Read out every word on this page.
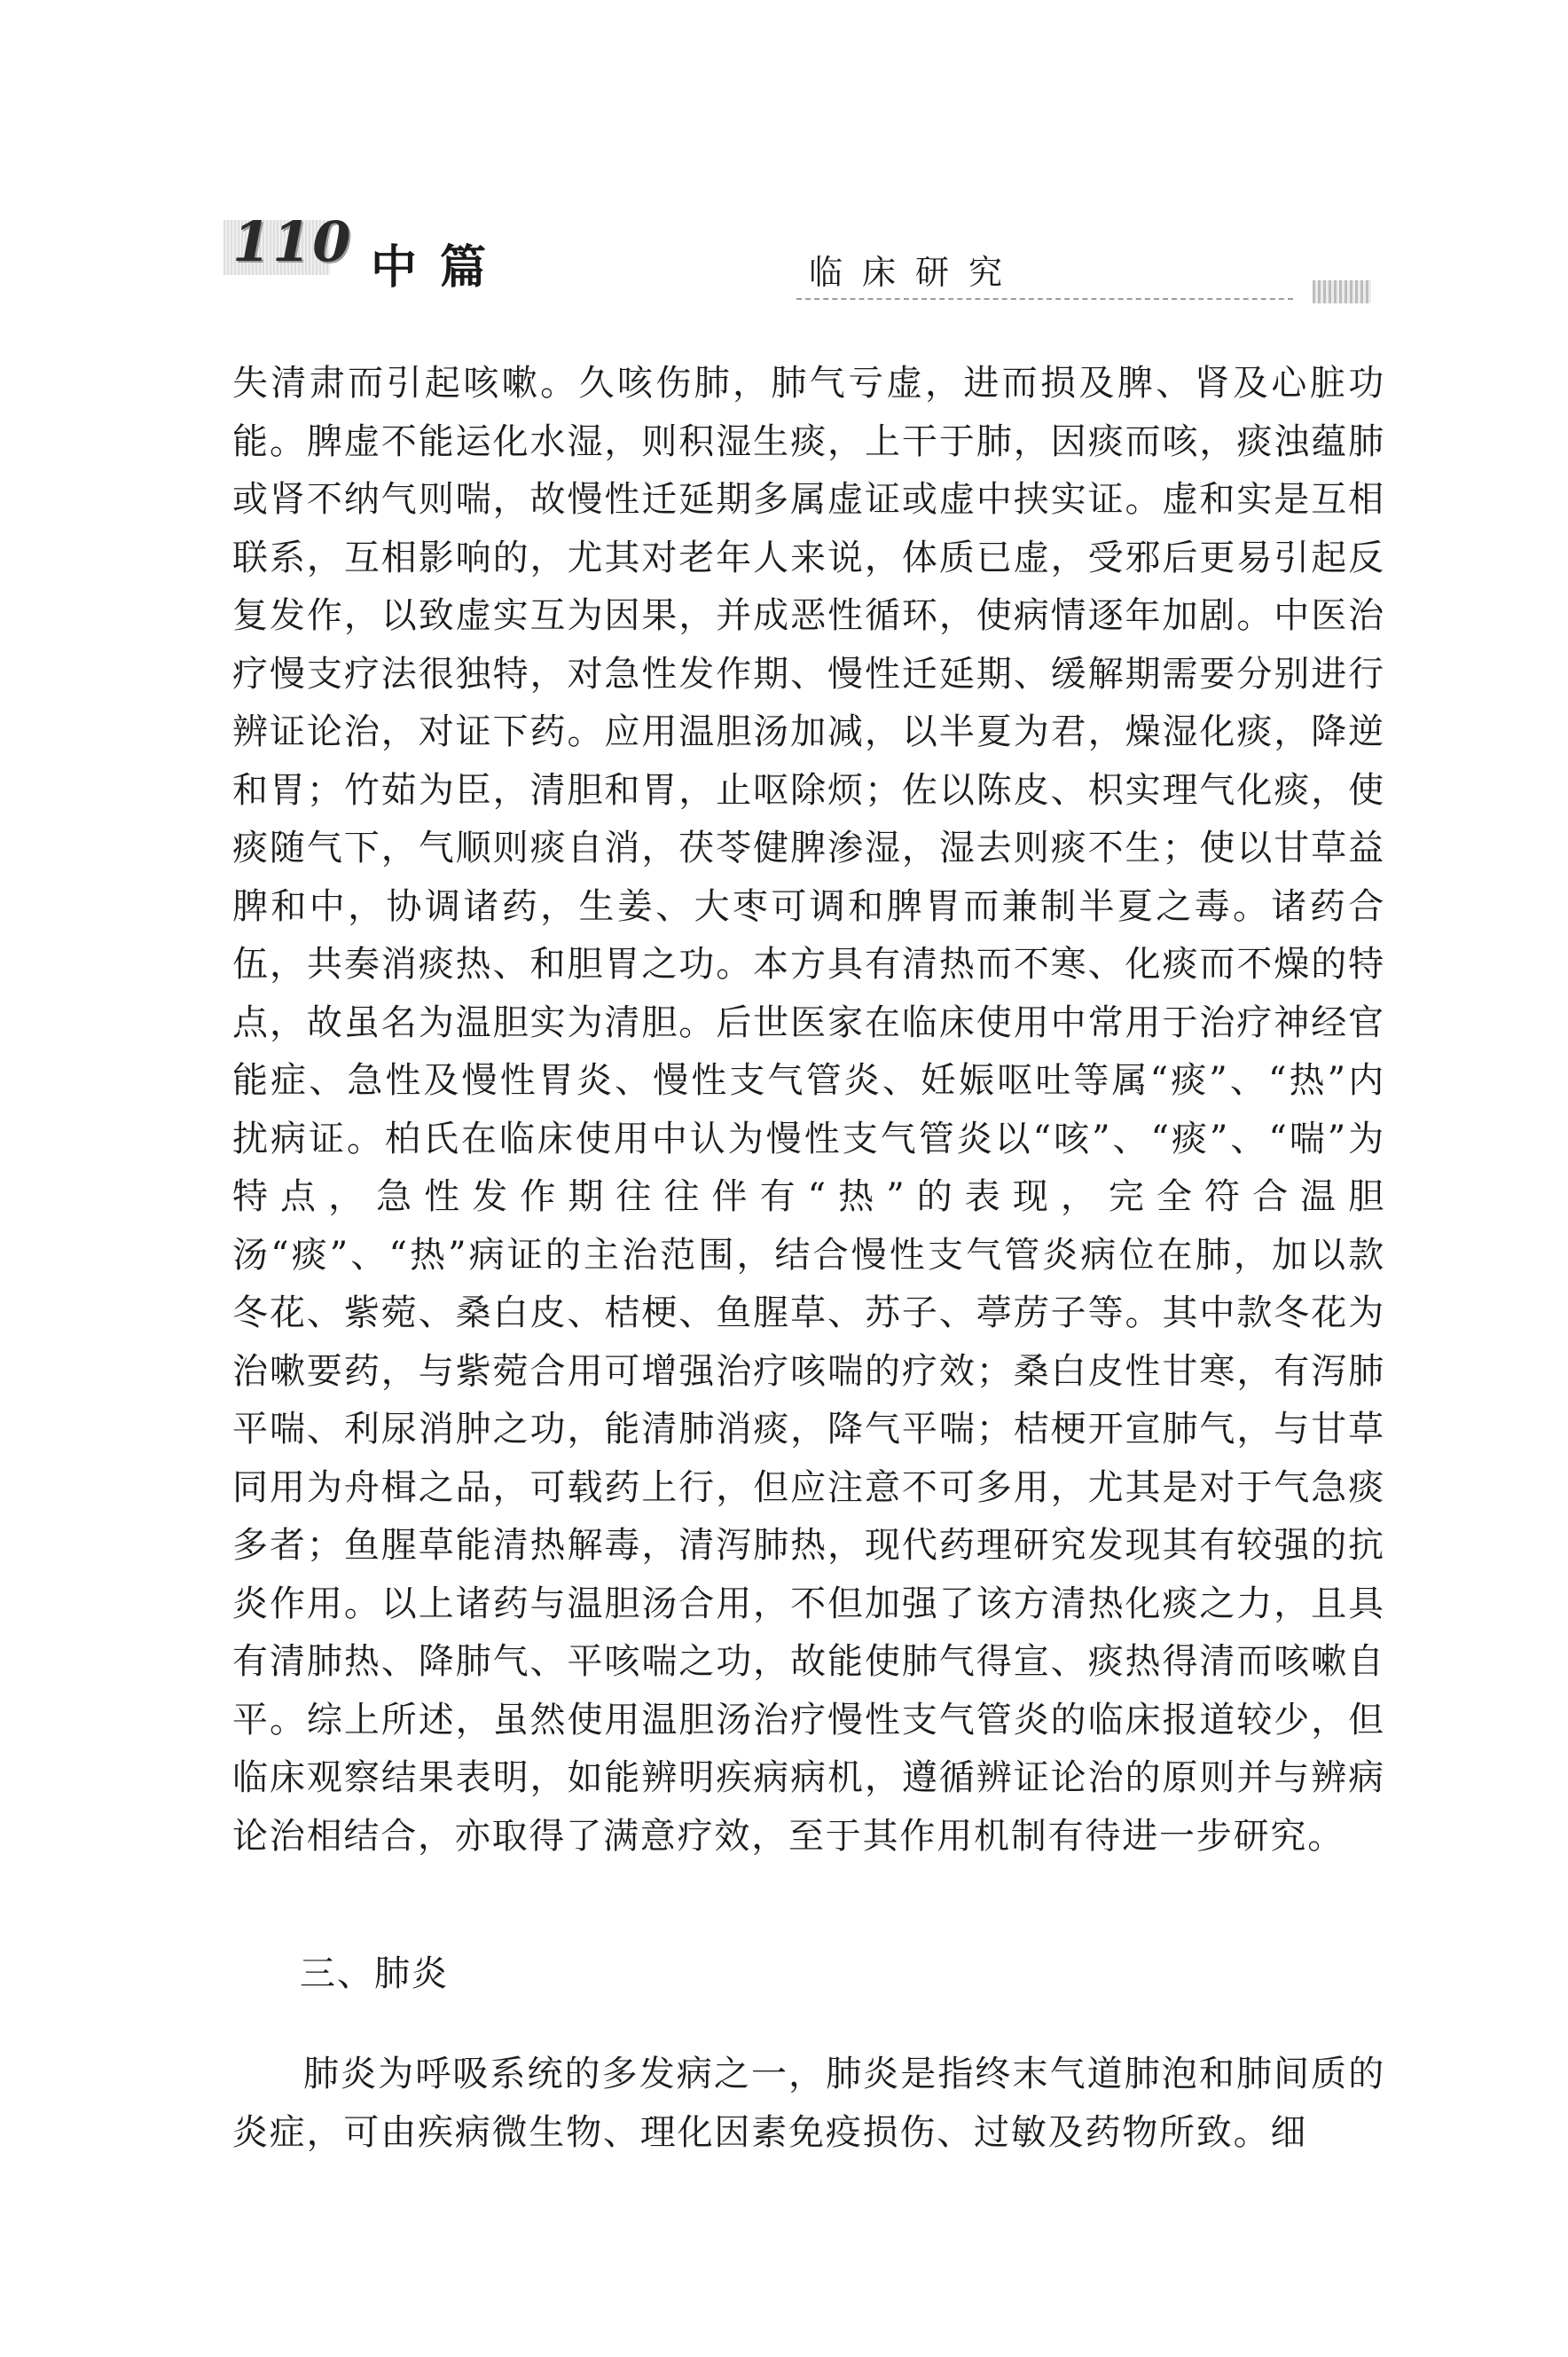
110 中篇	临床研究

失清肃而引起咳嗽。久咳伤肺，肺气亏虚，进而损及脾、肾及心脏功能。脾虚不能运化水湿，则积湿生痰，上干于肺，因痰而咳，痰浊蕴肺或肾不纳气则喘，故慢性迁延期多属虚证或虚中挟实证。虚和实是互相联系，互相影响的，尤其对老年人来说，体质已虚，受邪后更易引起反复发作，以致虚实互为因果，并成恶性循环，使病情逐年加剧。中医治疗慢支疗法很独特，对急性发作期、慢性迁延期、缓解期需要分别进行辨证论治，对证下药。应用温胆汤加减，以半夏为君，燥湿化痰，降逆和胃；竹茹为臣，清胆和胃，止呕除烦；佐以陈皮、枳实理气化痰，使痰随气下，气顺则痰自消，茯苓健脾渗湿，湿去则痰不生；使以甘草益脾和中，协调诸药，生姜、大枣可调和脾胃而兼制半夏之毒。诸药合伍，共奏消痰热、和胆胃之功。本方具有清热而不寒、化痰而不燥的特点，故虽名为温胆实为清胆。后世医家在临床使用中常用于治疗神经官能症、急性及慢性胃炎、慢性支气管炎、妊娠呕吐等属“痰”、“热”内扰病证。柏氏在临床使用中认为慢性支气管炎以“咳”、“痰”、“喘”为特点，急性发作期往往伴有“热”的表现，完全符合温胆汤“痰”、“热”病证的主治范围，结合慢性支气管炎病位在肺，加以款冬花、紫菀、桑白皮、桔梗、鱼腥草、苏子、葶苈子等。其中款冬花为治嗽要药，与紫菀合用可增强治疗咳喘的疗效；桑白皮性甘寒，有泻肺平喘、利尿消肿之功，能清肺消痰，降气平喘；桔梗开宣肺气，与甘草同用为舟楫之品，可载药上行，但应注意不可多用，尤其是对于气急痰多者；鱼腥草能清热解毒，清泻肺热，现代药理研究发现其有较强的抗炎作用。以上诸药与温胆汤合用，不但加强了该方清热化痰之力，且具有清肺热、降肺气、平咳喘之功，故能使肺气得宣、痰热得清而咳嗽自平。综上所述，虽然使用温胆汤治疗慢性支气管炎的临床报道较少，但临床观察结果表明，如能辨明疾病病机，遵循辨证论治的原则并与辨病论治相结合，亦取得了满意疗效，至于其作用机制有待进一步研究。

三、肺炎

肺炎为呼吸系统的多发病之一，肺炎是指终末气道肺泡和肺间质的炎症，可由疾病微生物、理化因素免疫损伤、过敏及药物所致。细
